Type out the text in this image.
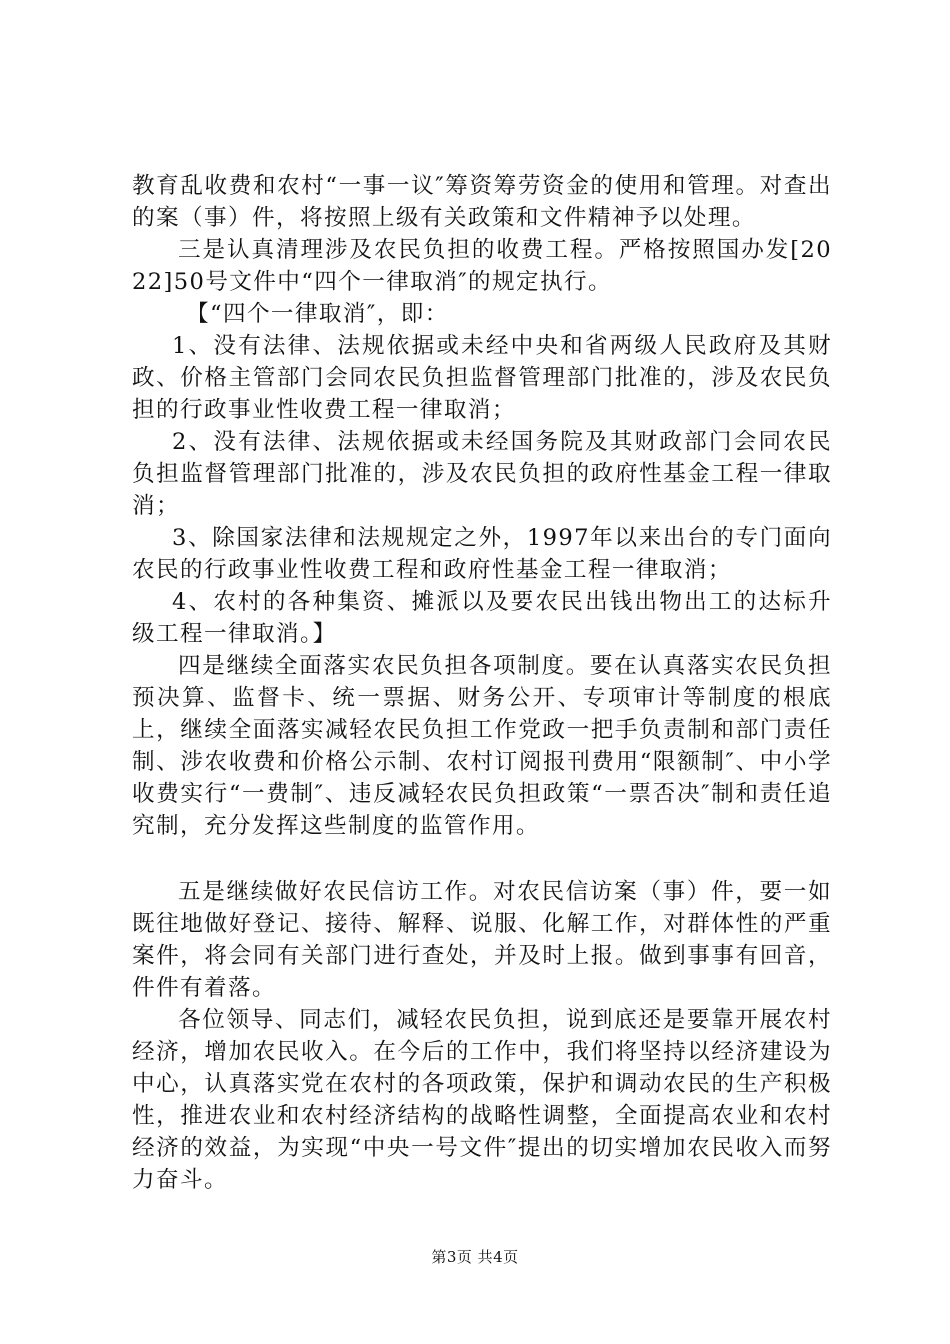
教育乱收费和农村“一事一议″筹资筹劳资金的使用和管理。对查出的案（事）件，将按照上级有关政策和文件精神予以处理。

三是认真清理涉及农民负担的收费工程。严格按照国办发[2022]50号文件中“四个一律取消″的规定执行。

【“四个一律取消″，即：

1、没有法律、法规依据或未经中央和省两级人民政府及其财政、价格主管部门会同农民负担监督管理部门批准的，涉及农民负担的行政事业性收费工程一律取消；

2、没有法律、法规依据或未经国务院及其财政部门会同农民负担监督管理部门批准的，涉及农民负担的政府性基金工程一律取消；

3、除国家法律和法规规定之外，1997年以来出台的专门面向农民的行政事业性收费工程和政府性基金工程一律取消；

4、农村的各种集资、摊派以及要农民出钱出物出工的达标升级工程一律取消。】

四是继续全面落实农民负担各项制度。要在认真落实农民负担预决算、监督卡、统一票据、财务公开、专项审计等制度的根底上，继续全面落实减轻农民负担工作党政一把手负责制和部门责任制、涉农收费和价格公示制、农村订阅报刊费用“限额制″、中小学收费实行“一费制″、违反减轻农民负担政策“一票否决″制和责任追究制，充分发挥这些制度的监管作用。

五是继续做好农民信访工作。对农民信访案（事）件，要一如既往地做好登记、接待、解释、说服、化解工作，对群体性的严重案件，将会同有关部门进行查处，并及时上报。做到事事有回音，件件有着落。

各位领导、同志们，减轻农民负担，说到底还是要靠开展农村经济，增加农民收入。在今后的工作中，我们将坚持以经济建设为中心，认真落实党在农村的各项政策，保护和调动农民的生产积极性，推进农业和农村经济结构的战略性调整，全面提高农业和农村经济的效益，为实现“中央一号文件″提出的切实增加农民收入而努力奋斗。

第3页 共4页
